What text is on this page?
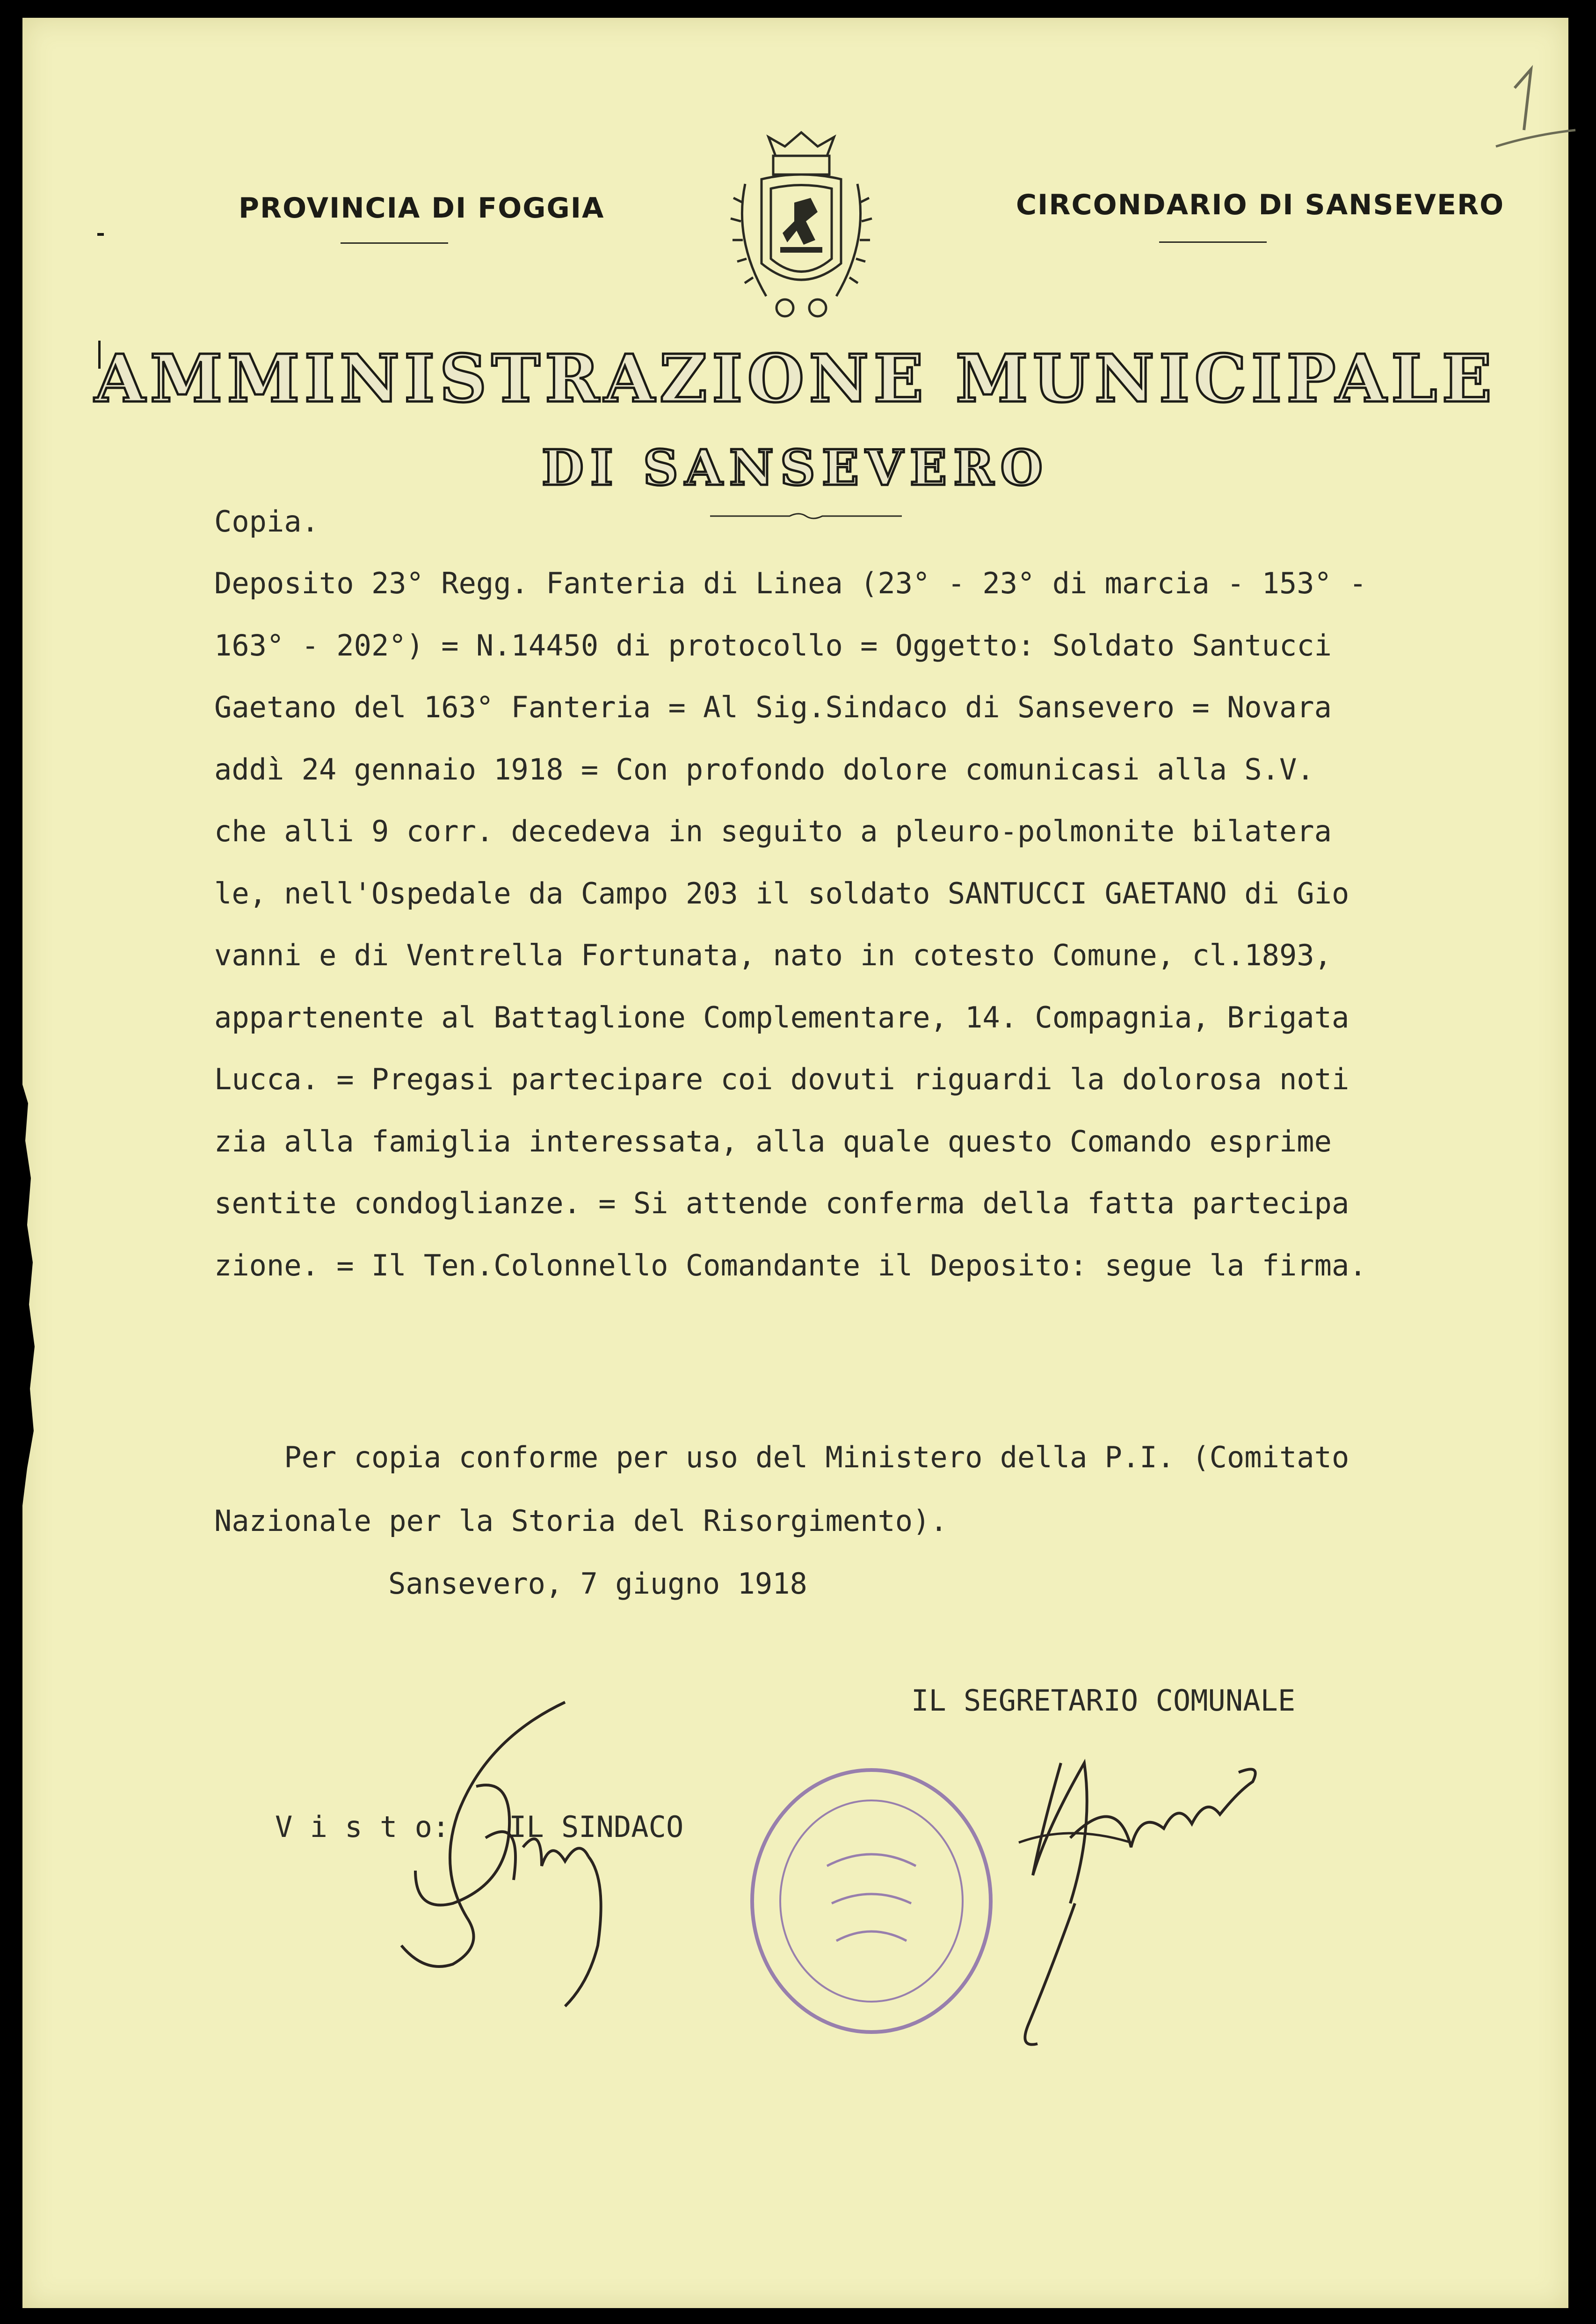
PROVINCIA DI FOGGIA	CIRCONDARIO DI SANSEVERO
AMMINISTRAZIONE MUNICIPALE
DI SANSEVERO
Copia.
Deposito 23° Regg. Fanteria di Linea (23° - 23° di marcia - 153° -
163° - 202°) = N.14450 di protocollo = Oggetto: Soldato Santucci
Gaetano del 163° Fanteria = Al Sig.Sindaco di Sansevero = Novara
addì 24 gennaio 1918 = Con profondo dolore comunicasi alla S.V.
che alli 9 corr. decedeva in seguito a pleuro-polmonite bilatera
le, nell'Ospedale da Campo 203 il soldato SANTUCCI GAETANO di Gio
vanni e di Ventrella Fortunata, nato in cotesto Comune, cl.1893,
appartenente al Battaglione Complementare, 14. Compagnia, Brigata
Lucca. = Pregasi partecipare coi dovuti riguardi la dolorosa noti
zia alla famiglia interessata, alla quale questo Comando esprime
sentite condoglianze. = Si attende conferma della fatta partecipa
zione. = Il Ten.Colonnello Comandante il Deposito: segue la firma.
Per copia conforme per uso del Ministero della P.I. (Comitato
Nazionale per la Storia del Risorgimento).
Sansevero, 7 giugno 1918
IL SEGRETARIO COMUNALE
V i s t o: IL SINDACO
